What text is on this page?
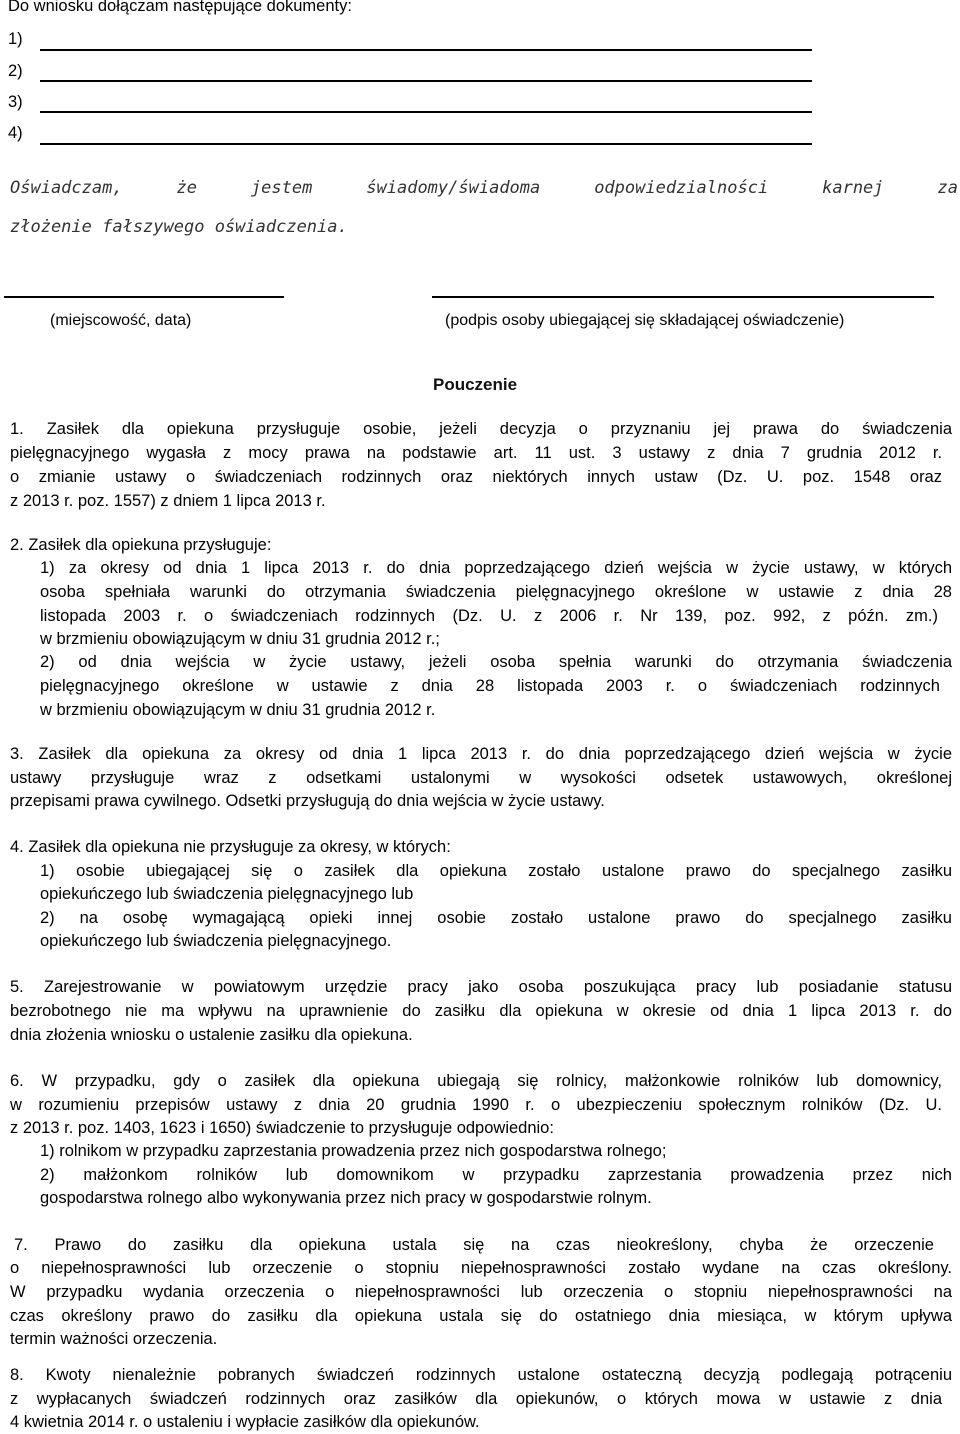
Do wniosku dołączam następujące dokumenty:

1)

2)

3)

4)

Oświadczam,	że	jestem	świadomy/świadoma	odpowiedzialności	karnej	za

złożenie fałszywego oświadczenia.

(miejscowość, data)	(podpis osoby ubiegającej się składającej oświadczenie)

Pouczenie

1. Zasiłek dla opiekuna przysługuje osobie, jeżeli decyzja o przyznaniu jej prawa do świadczenia
pielęgnacyjnego wygasła z mocy prawa na podstawie art. 11 ust. 3 ustawy z dnia 7 grudnia 2012 r.
o zmianie ustawy o świadczeniach rodzinnych oraz niektórych innych ustaw (Dz. U. poz. 1548 oraz
z 2013 r. poz. 1557) z dniem 1 lipca 2013 r.
2. Zasiłek dla opiekuna przysługuje:
1) za okresy od dnia 1 lipca 2013 r. do dnia poprzedzającego dzień wejścia w życie ustawy, w których
osoba spełniała warunki do otrzymania świadczenia pielęgnacyjnego określone w ustawie z dnia 28
listopada 2003 r. o świadczeniach rodzinnych (Dz. U. z 2006 r. Nr 139, poz. 992, z późn. zm.)
w brzmieniu obowiązującym w dniu 31 grudnia 2012 r.;
2) od dnia wejścia w życie ustawy, jeżeli osoba spełnia warunki do otrzymania świadczenia
pielęgnacyjnego określone w ustawie z dnia 28 listopada 2003 r. o świadczeniach rodzinnych
w brzmieniu obowiązującym w dniu 31 grudnia 2012 r.
3. Zasiłek dla opiekuna za okresy od dnia 1 lipca 2013 r. do dnia poprzedzającego dzień wejścia w życie
ustawy przysługuje wraz z odsetkami ustalonymi w wysokości odsetek ustawowych, określonej
przepisami prawa cywilnego. Odsetki przysługują do dnia wejścia w życie ustawy.
4. Zasiłek dla opiekuna nie przysługuje za okresy, w których:
1) osobie ubiegającej się o zasiłek dla opiekuna zostało ustalone prawo do specjalnego zasiłku
opiekuńczego lub świadczenia pielęgnacyjnego lub
2) na osobę wymagającą opieki innej osobie zostało ustalone prawo do specjalnego zasiłku
opiekuńczego lub świadczenia pielęgnacyjnego.
5. Zarejestrowanie w powiatowym urzędzie pracy jako osoba poszukująca pracy lub posiadanie statusu
bezrobotnego nie ma wpływu na uprawnienie do zasiłku dla opiekuna w okresie od dnia 1 lipca 2013 r. do
dnia złożenia wniosku o ustalenie zasiłku dla opiekuna.
6. W przypadku, gdy o zasiłek dla opiekuna ubiegają się rolnicy, małżonkowie rolników lub domownicy,
w rozumieniu przepisów ustawy z dnia 20 grudnia 1990 r. o ubezpieczeniu społecznym rolników (Dz. U.
z 2013 r. poz. 1403, 1623 i 1650) świadczenie to przysługuje odpowiednio:
1) rolnikom w przypadku zaprzestania prowadzenia przez nich gospodarstwa rolnego;
2) małżonkom rolników lub domownikom w przypadku zaprzestania prowadzenia przez nich
gospodarstwa rolnego albo wykonywania przez nich pracy w gospodarstwie rolnym.
7. Prawo do zasiłku dla opiekuna ustala się na czas nieokreślony, chyba że orzeczenie
o niepełnosprawności lub orzeczenie o stopniu niepełnosprawności zostało wydane na czas określony.
W przypadku wydania orzeczenia o niepełnosprawności lub orzeczenia o stopniu niepełnosprawności na
czas określony prawo do zasiłku dla opiekuna ustala się do ostatniego dnia miesiąca, w którym upływa
termin ważności orzeczenia.
8. Kwoty nienależnie pobranych świadczeń rodzinnych ustalone ostateczną decyzją podlegają potrąceniu
z wypłacanych świadczeń rodzinnych oraz zasiłków dla opiekunów, o których mowa w ustawie z dnia
4 kwietnia 2014 r. o ustaleniu i wypłacie zasiłków dla opiekunów.
